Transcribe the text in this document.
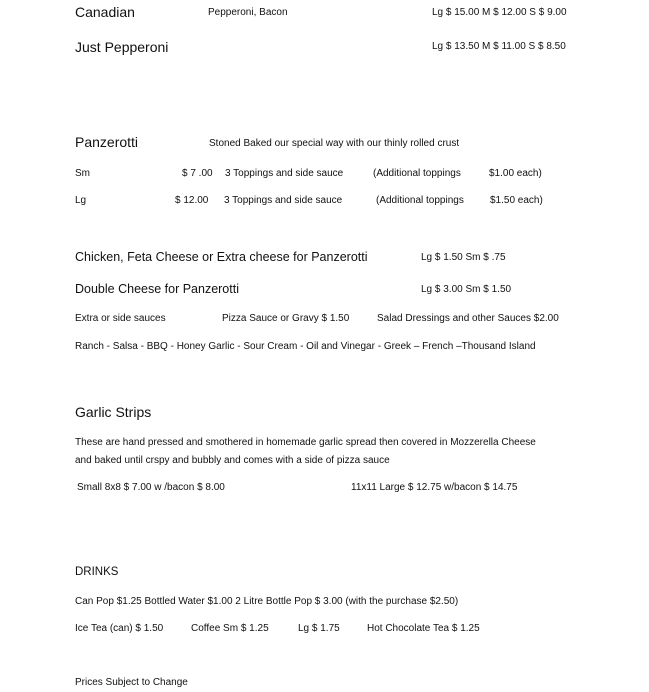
Canadian	Pepperoni, Bacon	Lg $ 15.00 M $ 12.00 S $ 9.00
Just Pepperoni	Lg $ 13.50 M $ 11.00 S $ 8.50
Panzerotti	Stoned Baked our special way with our thinly rolled crust
Sm	$ 7 .00 3 Toppings and side sauce	(Additional toppings	$1.00 each)
Lg	$ 12.00 3 Toppings and side sauce	(Additional toppings	$1.50 each)
Chicken, Feta Cheese or Extra cheese for Panzerotti	Lg $ 1.50 Sm $ .75
Double Cheese for Panzerotti	Lg $ 3.00 Sm $ 1.50
Extra or side sauces	Pizza Sauce or Gravy $ 1.50	Salad Dressings and other Sauces $2.00
Ranch - Salsa - BBQ - Honey Garlic - Sour Cream - Oil and Vinegar - Greek – French –Thousand Island
Garlic Strips
These are hand pressed and smothered in homemade garlic spread then covered in Mozzerella Cheese
and baked until crspy and bubbly and comes with a side of pizza sauce
Small 8x8 $ 7.00 w /bacon $ 8.00	11x11 Large $ 12.75 w/bacon $ 14.75
DRINKS
Can Pop $1.25 Bottled Water $1.00 2 Litre Bottle Pop $ 3.00 (with the purchase $2.50)
Ice Tea (can) $ 1.50	Coffee Sm $ 1.25	Lg $ 1.75	Hot Chocolate Tea $ 1.25
Prices Subject to Change
